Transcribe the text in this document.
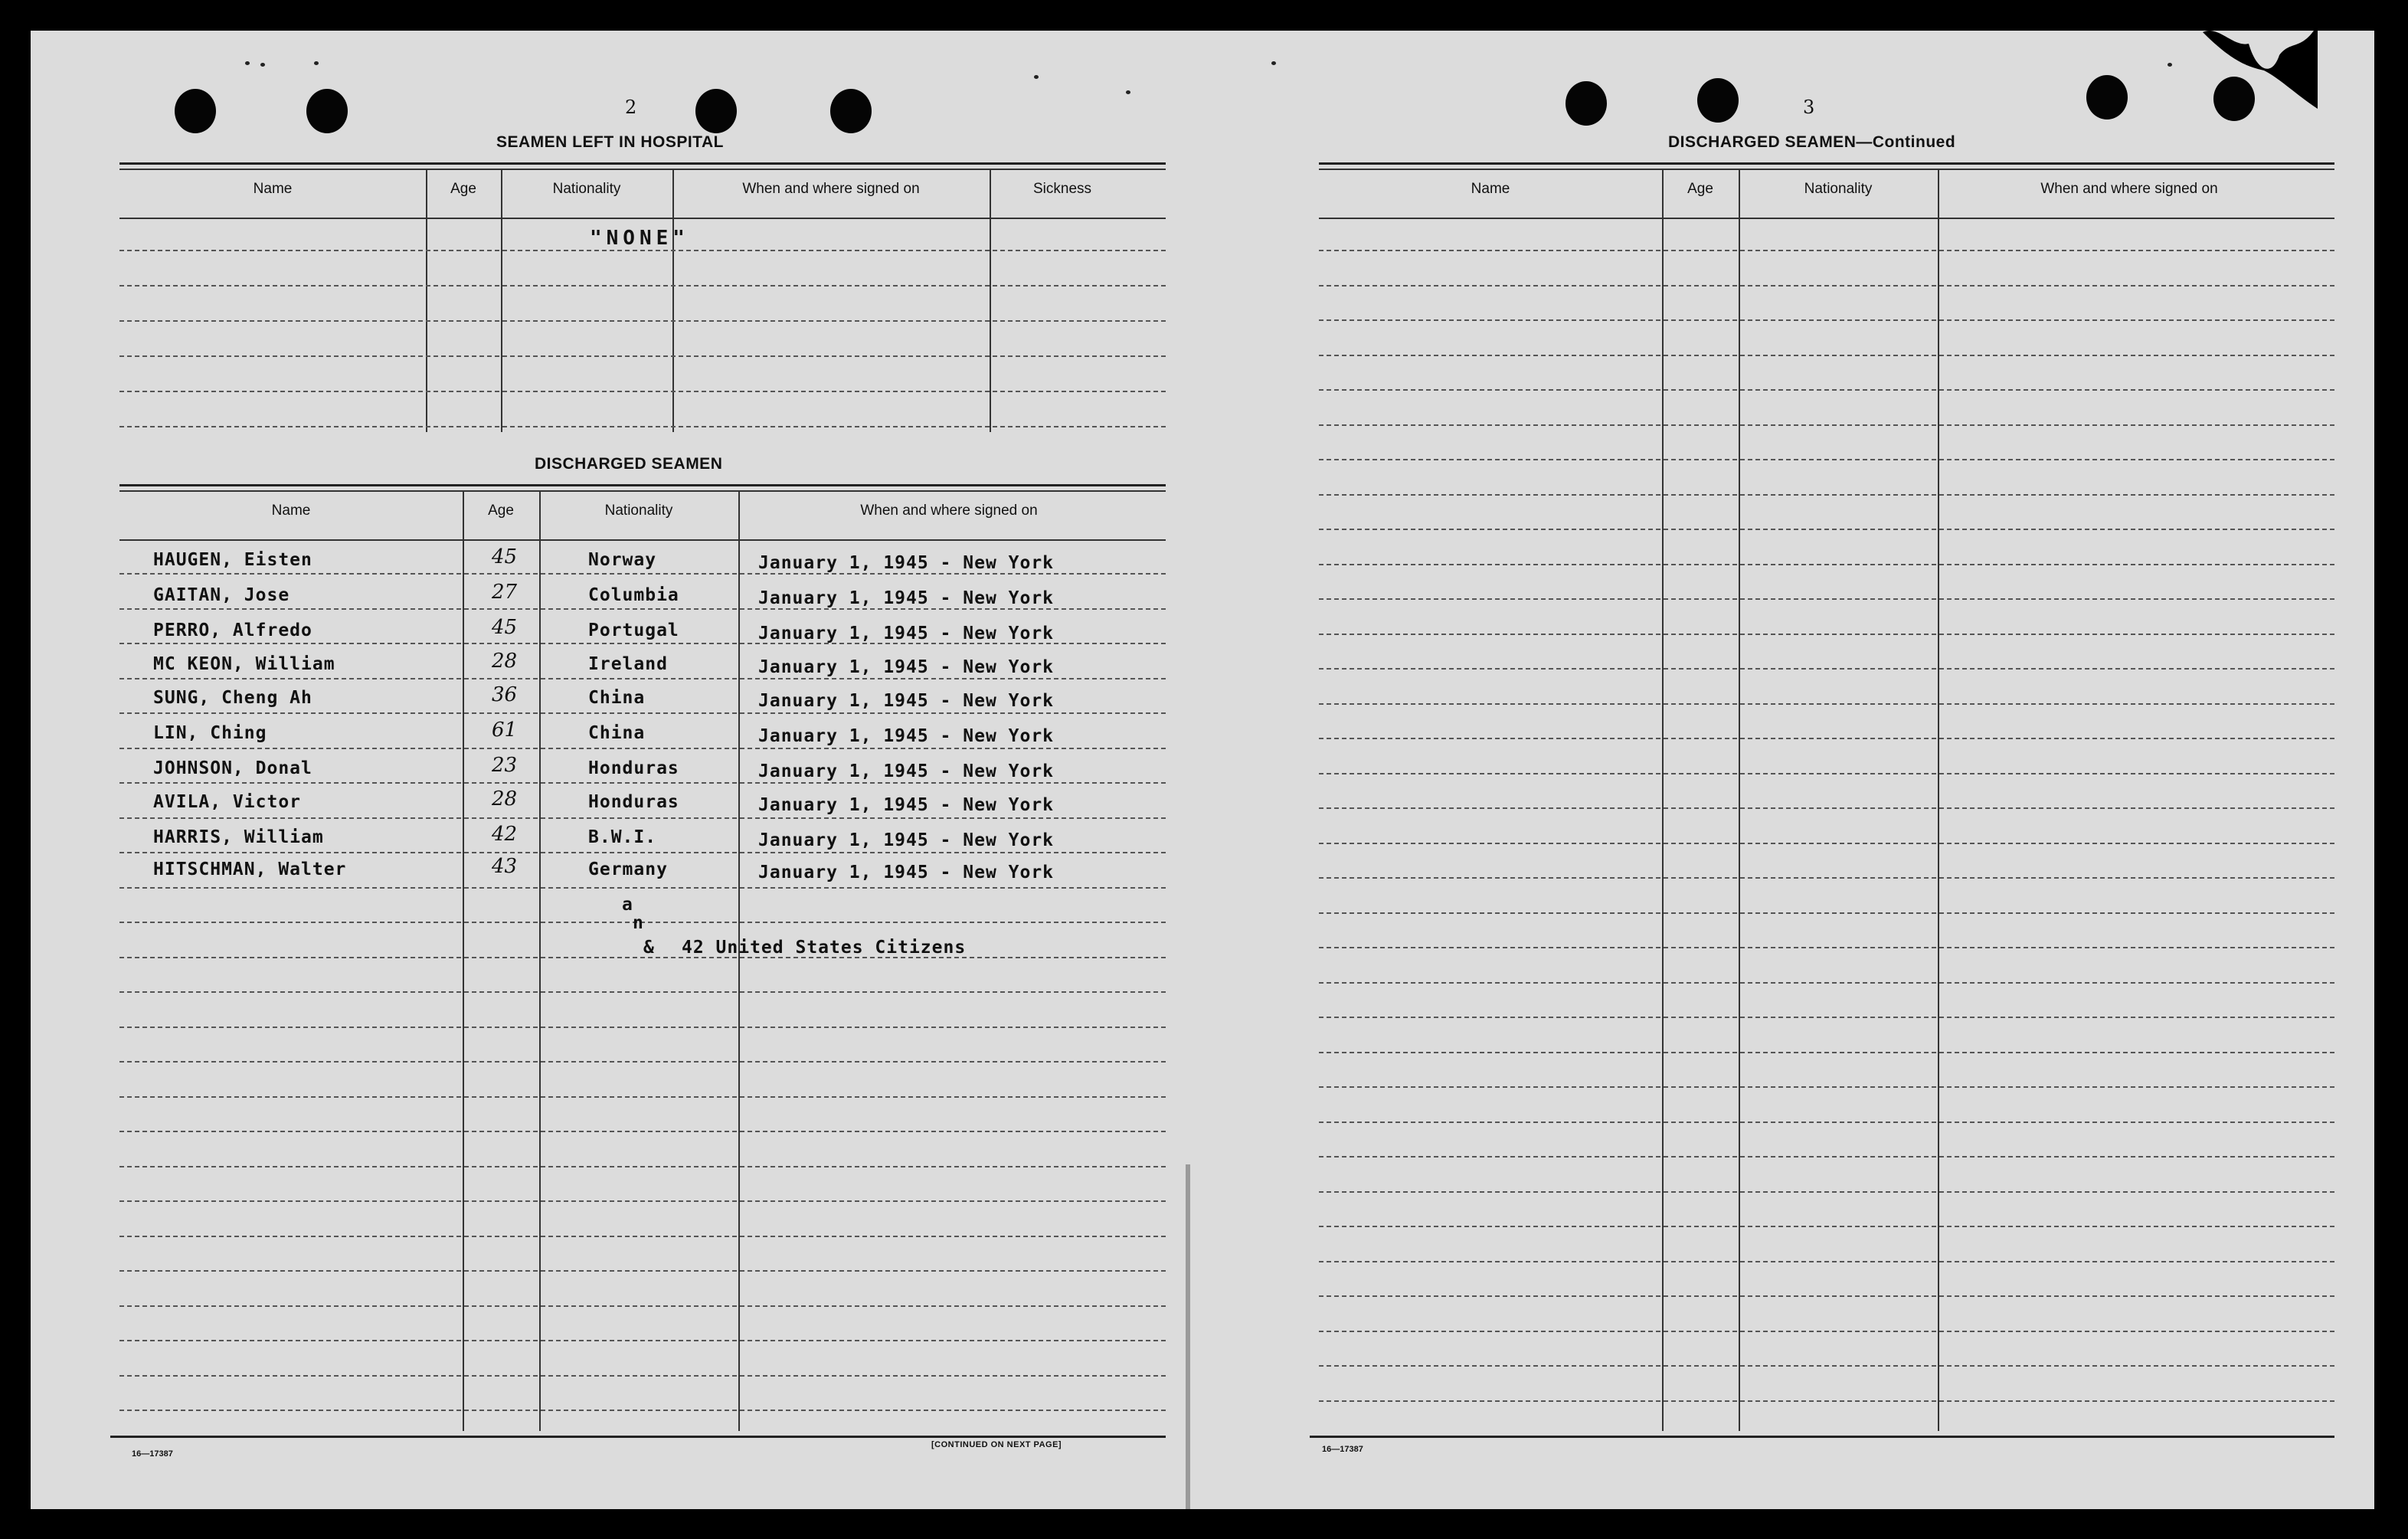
2
SEAMEN LEFT IN HOSPITAL
Name	Age	Nationality	When and where signed on	Sickness
"NONE"
DISCHARGED SEAMEN
Name	Age	Nationality	When and where signed on
HAUGEN, Eisten	45	Norway	January 1, 1945 - New York
GAITAN, Jose	27	Columbia	January 1, 1945 - New York
PERRO, Alfredo	45	Portugal	January 1, 1945 - New York
MC KEON, William	28	Ireland	January 1, 1945 - New York
SUNG, Cheng Ah	36	China	January 1, 1945 - New York
LIN, Ching	61	China	January 1, 1945 - New York
JOHNSON, Donal	23	Honduras	January 1, 1945 - New York
AVILA, Victor	28	Honduras	January 1, 1945 - New York
HARRIS, William	42	B.W.I.	January 1, 1945 - New York
HITSCHMAN, Walter	43	Germany	January 1, 1945 - New York
a
n
& 42 United States Citizens
16—17387
[CONTINUED ON NEXT PAGE]
3
DISCHARGED SEAMEN—Continued
Name	Age	Nationality	When and where signed on
16—17387
